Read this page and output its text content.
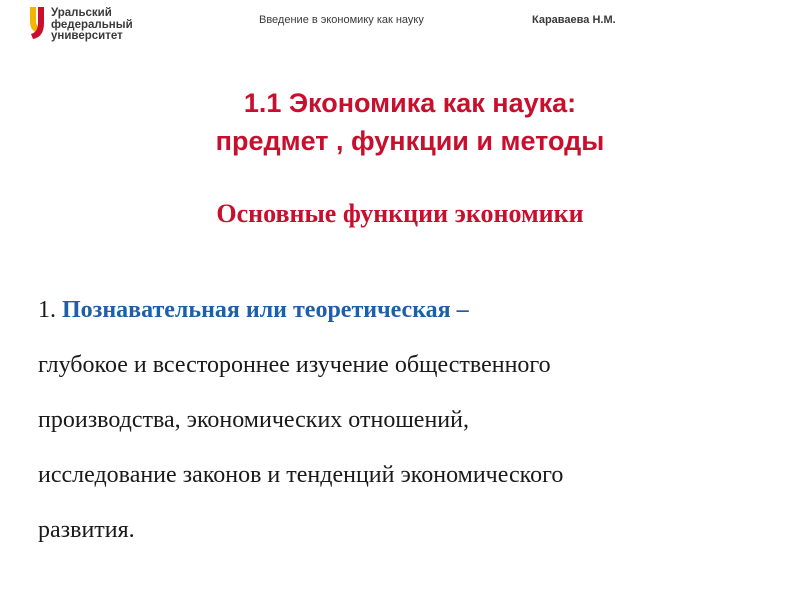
Уральский
федеральный
университет
Введение в экономику как науку	Караваева Н.М.
1.1 Экономика как наука:
предмет , функции и методы
Основные функции экономики
1. Познавательная или теоретическая –
глубокое и всестороннее изучение общественного
производства, экономических отношений,
исследование законов и тенденций экономического
развития.
